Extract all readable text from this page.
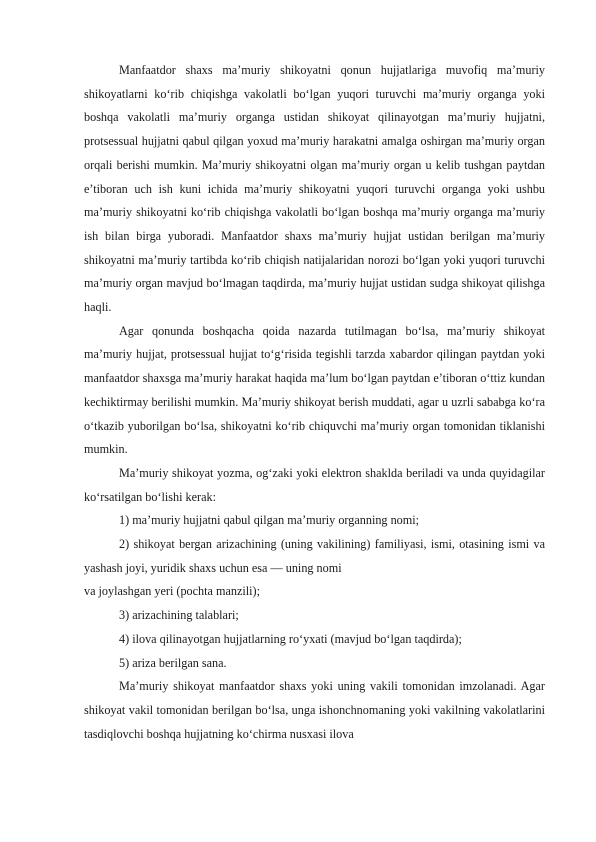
Manfaatdor shaxs ma’muriy shikoyatni qonun hujjatlariga muvofiq ma’muriy shikoyatlarni ko‘rib chiqishga vakolatli bo‘lgan yuqori turuvchi ma’muriy organga yoki boshqa vakolatli ma’muriy organga ustidan shikoyat qilinayotgan ma’muriy hujjatni, protsessual hujjatni qabul qilgan yoxud ma’muriy harakatni amalga oshirgan ma’muriy organ orqali berishi mumkin. Ma’muriy shikoyatni olgan ma’muriy organ u kelib tushgan paytdan e’tiboran uch ish kuni ichida ma’muriy shikoyatni yuqori turuvchi organga yoki ushbu ma’muriy shikoyatni ko‘rib chiqishga vakolatli bo‘lgan boshqa ma’muriy organga ma’muriy ish bilan birga yuboradi. Manfaatdor shaxs ma’muriy hujjat ustidan berilgan ma’muriy shikoyatni ma’muriy tartibda ko‘rib chiqish natijalaridan norozi bo‘lgan yoki yuqori turuvchi ma’muriy organ mavjud bo‘lmagan taqdirda, ma’muriy hujjat ustidan sudga shikoyat qilishga haqli.

Agar qonunda boshqacha qoida nazarda tutilmagan bo‘lsa, ma’muriy shikoyat ma’muriy hujjat, protsessual hujjat to‘g‘risida tegishli tarzda xabardor qilingan paytdan yoki manfaatdor shaxsga ma’muriy harakat haqida ma’lum bo‘lgan paytdan e’tiboran o‘ttiz kundan kechiktirmay berilishi mumkin. Ma’muriy shikoyat berish muddati, agar u uzrli sababga ko‘ra o‘tkazib yuborilgan bo‘lsa, shikoyatni ko‘rib chiquvchi ma’muriy organ tomonidan tiklanishi mumkin.

Ma’muriy shikoyat yozma, og‘zaki yoki elektron shaklda beriladi va unda quyidagilar ko‘rsatilgan bo‘lishi kerak:

1) ma’muriy hujjatni qabul qilgan ma’muriy organning nomi;

2) shikoyat bergan arizachining (uning vakilining) familiyasi, ismi, otasining ismi va yashash joyi, yuridik shaxs uchun esa — uning nomi
va joylashgan yeri (pochta manzili);

3) arizachining talablari;

4) ilova qilinayotgan hujjatlarning ro‘yxati (mavjud bo‘lgan taqdirda);

5) ariza berilgan sana.

Ma’muriy shikoyat manfaatdor shaxs yoki uning vakili tomonidan imzolanadi. Agar shikoyat vakil tomonidan berilgan bo‘lsa, unga ishonchnomaning yoki vakilning vakolatlarini tasdiqlovchi boshqa hujjatning ko‘chirma nusxasi ilova
